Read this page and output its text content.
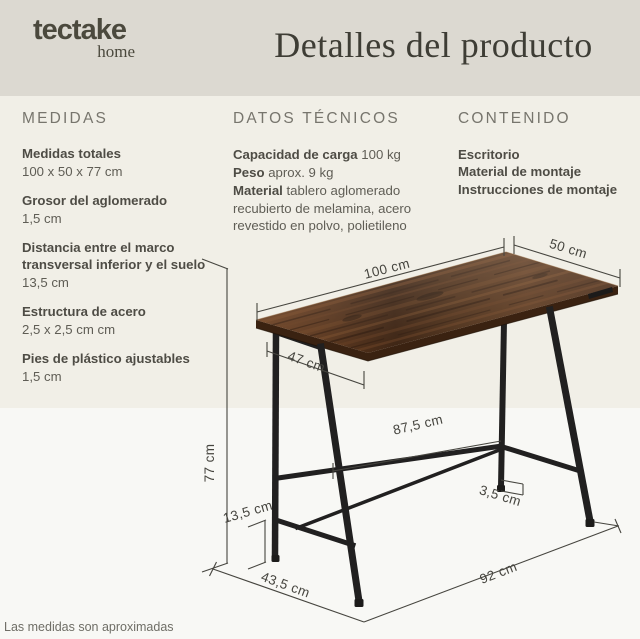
tectake
home	Detalles del producto
MEDIDAS
Medidas totales
100 x 50 x 77 cm
Grosor del aglomerado
1,5 cm
Distancia entre el marco transversal inferior y el suelo
13,5 cm
Estructura de acero
2,5 x 2,5 cm cm
Pies de plástico ajustables
1,5 cm
DATOS TÉCNICOS

Capacidad de carga 100 kg

Peso aprox. 9 kg

Material tablero aglomerado recubierto de melamina, acero revestido en polvo, polietileno

CONTENIDO

Escritorio

Material de montaje

Instrucciones de montaje

100 cm
50 cm
47 cm
87,5 cm
77 cm
13,5 cm
3,5 cm
43,5 cm	92 cm

Las medidas son aproximadas
